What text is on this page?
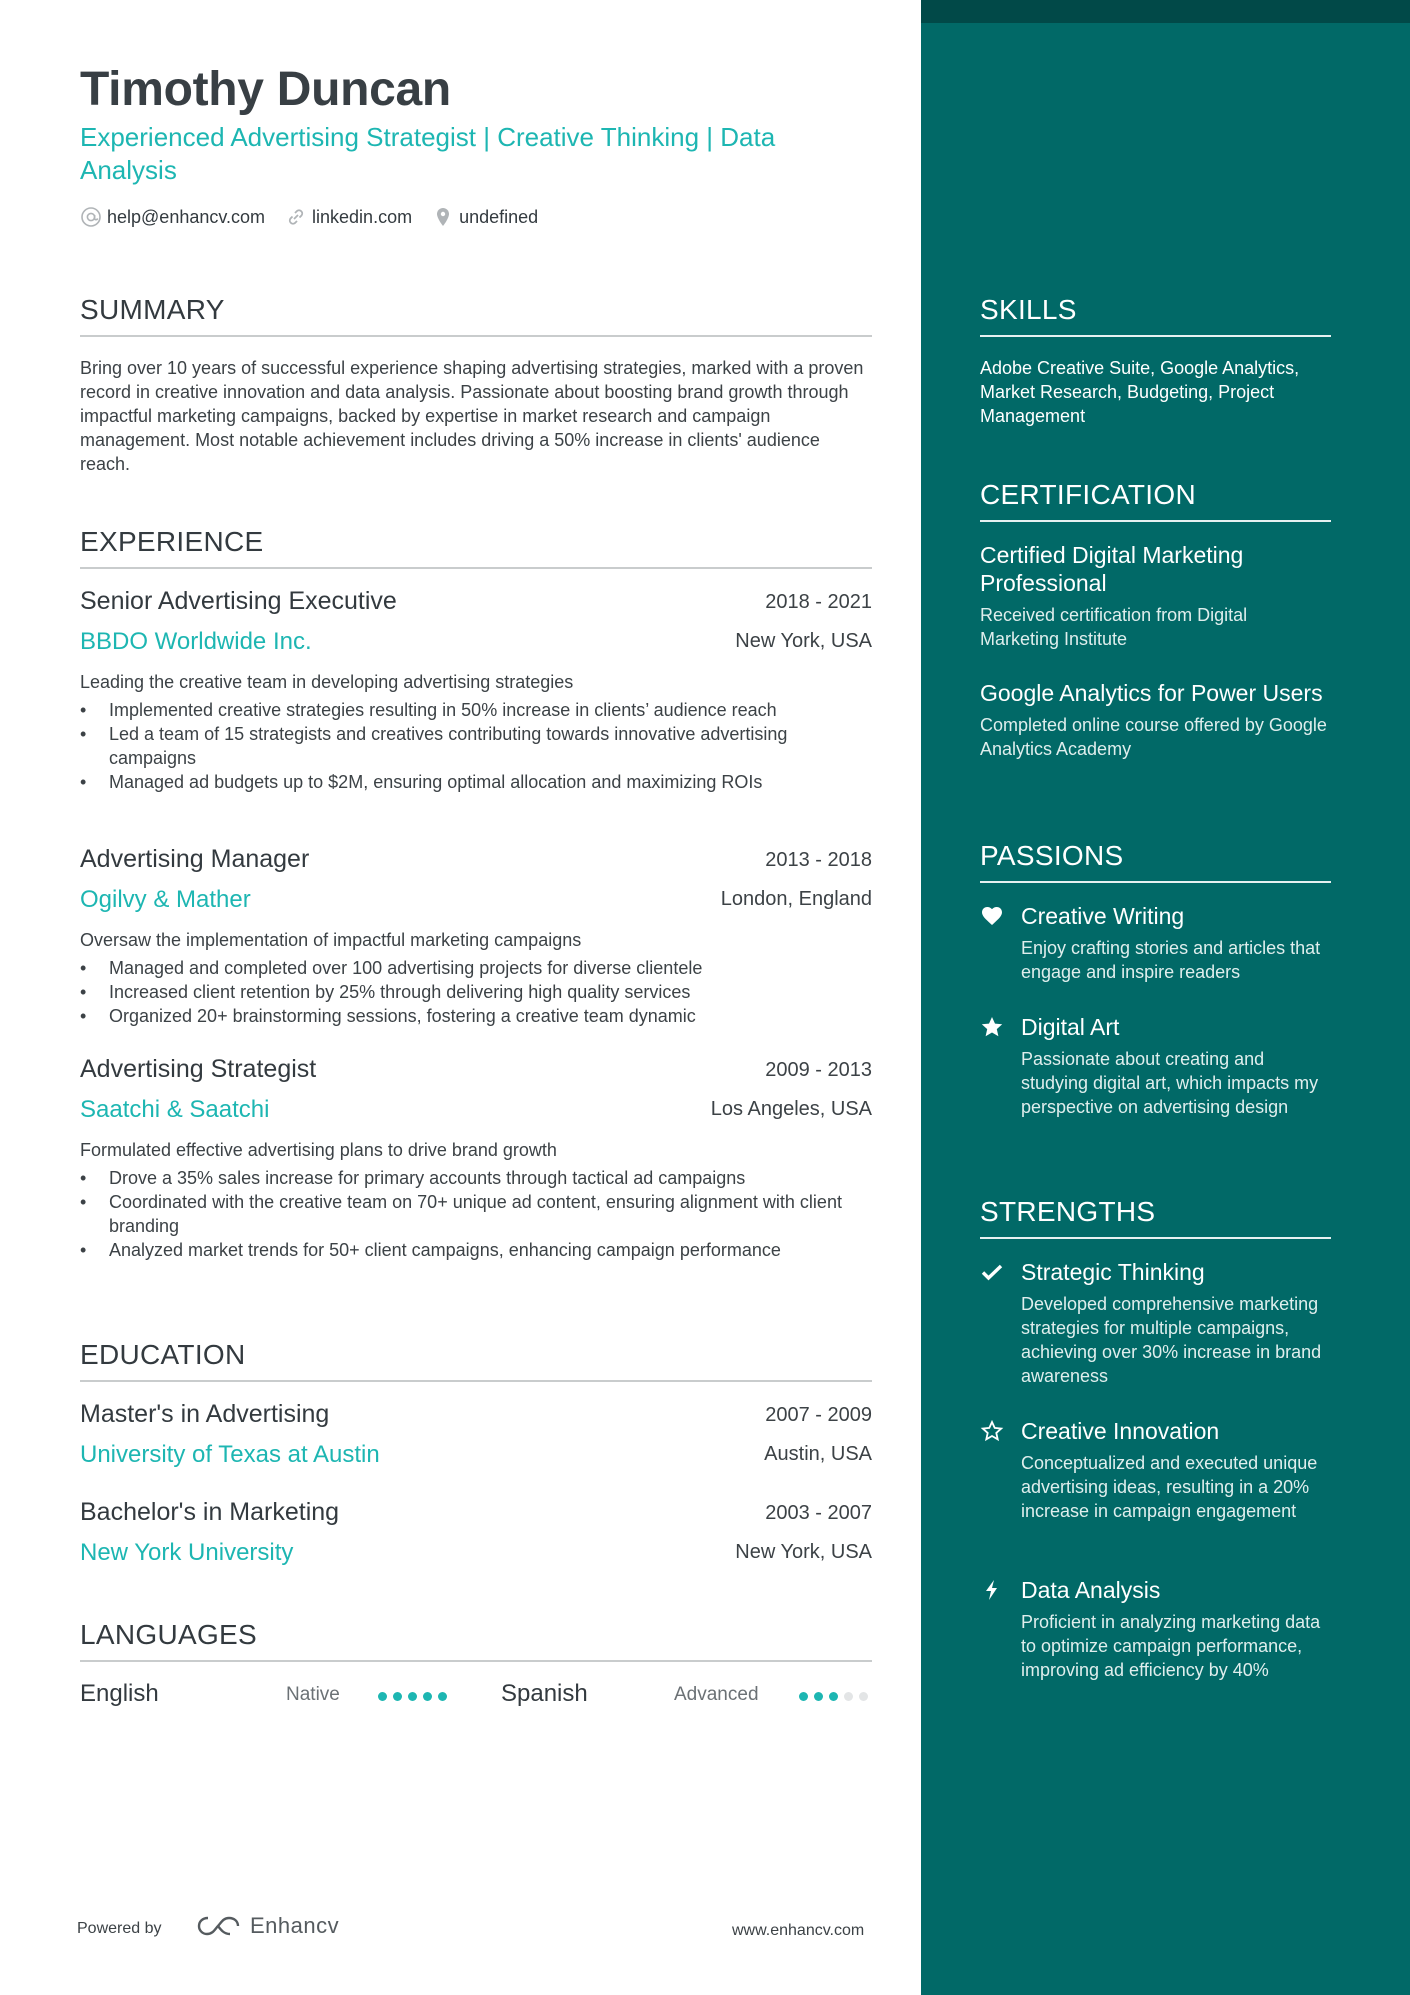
Timothy Duncan
Experienced Advertising Strategist | Creative Thinking | Data Analysis
help@enhancv.com	linkedin.com	undefined
SUMMARY
Bring over 10 years of successful experience shaping advertising strategies, marked with a proven record in creative innovation and data analysis. Passionate about boosting brand growth through impactful marketing campaigns, backed by expertise in market research and campaign management. Most notable achievement includes driving a 50% increase in clients' audience reach.
EXPERIENCE
Senior Advertising Executive	2018 - 2021
BBDO Worldwide Inc.	New York, USA
Leading the creative team in developing advertising strategies
• Implemented creative strategies resulting in 50% increase in clients’ audience reach
• Led a team of 15 strategists and creatives contributing towards innovative advertising campaigns
• Managed ad budgets up to $2M, ensuring optimal allocation and maximizing ROIs
Advertising Manager	2013 - 2018
Ogilvy & Mather	London, England
Oversaw the implementation of impactful marketing campaigns
• Managed and completed over 100 advertising projects for diverse clientele
• Increased client retention by 25% through delivering high quality services
• Organized 20+ brainstorming sessions, fostering a creative team dynamic
Advertising Strategist	2009 - 2013
Saatchi & Saatchi	Los Angeles, USA
Formulated effective advertising plans to drive brand growth
• Drove a 35% sales increase for primary accounts through tactical ad campaigns
• Coordinated with the creative team on 70+ unique ad content, ensuring alignment with client branding
• Analyzed market trends for 50+ client campaigns, enhancing campaign performance
EDUCATION
Master's in Advertising	2007 - 2009
University of Texas at Austin	Austin, USA
Bachelor's in Marketing	2003 - 2007
New York University	New York, USA
LANGUAGES
English	Native	Spanish	Advanced
Powered by	Enhancv	www.enhancv.com
SKILLS
Adobe Creative Suite, Google Analytics, Market Research, Budgeting, Project Management
CERTIFICATION
Certified Digital Marketing Professional
Received certification from Digital Marketing Institute
Google Analytics for Power Users
Completed online course offered by Google Analytics Academy
PASSIONS
Creative Writing
Enjoy crafting stories and articles that engage and inspire readers
Digital Art
Passionate about creating and studying digital art, which impacts my perspective on advertising design
STRENGTHS
Strategic Thinking
Developed comprehensive marketing strategies for multiple campaigns, achieving over 30% increase in brand awareness
Creative Innovation
Conceptualized and executed unique advertising ideas, resulting in a 20% increase in campaign engagement
Data Analysis
Proficient in analyzing marketing data to optimize campaign performance, improving ad efficiency by 40%
